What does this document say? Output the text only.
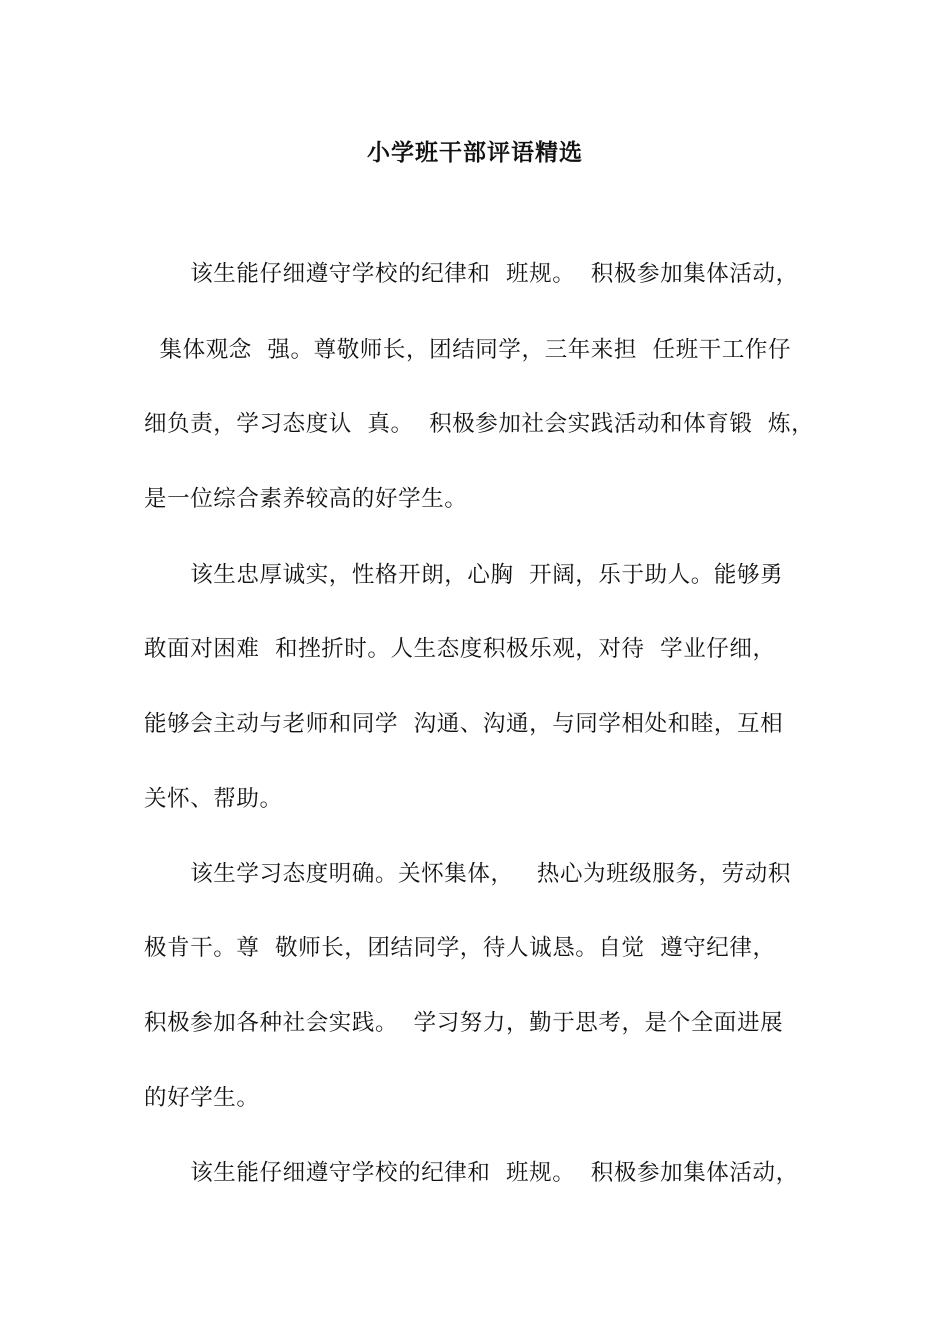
小学班干部评语精选
　　该生能仔细遵守学校的纪律和  班规。  积极参加集体活动，
集体观念  强。尊敬师长，团结同学，三年来担  任班干工作仔
细负责，学习态度认  真。  积极参加社会实践活动和体育锻  炼，
是一位综合素养较高的好学生。
　　该生忠厚诚实，性格开朗，心胸  开阔，乐于助人。能够勇
敢面对困难  和挫折时。人生态度积极乐观，对待  学业仔细，
能够会主动与老师和同学  沟通、沟通，与同学相处和睦，互相
关怀、帮助。
　　该生学习态度明确。关怀集体，   热心为班级服务，劳动积
极肯干。尊  敬师长，团结同学，待人诚恳。自觉  遵守纪律，
积极参加各种社会实践。  学习努力，勤于思考，是个全面进展
的好学生。
　　该生能仔细遵守学校的纪律和  班规。  积极参加集体活动，
